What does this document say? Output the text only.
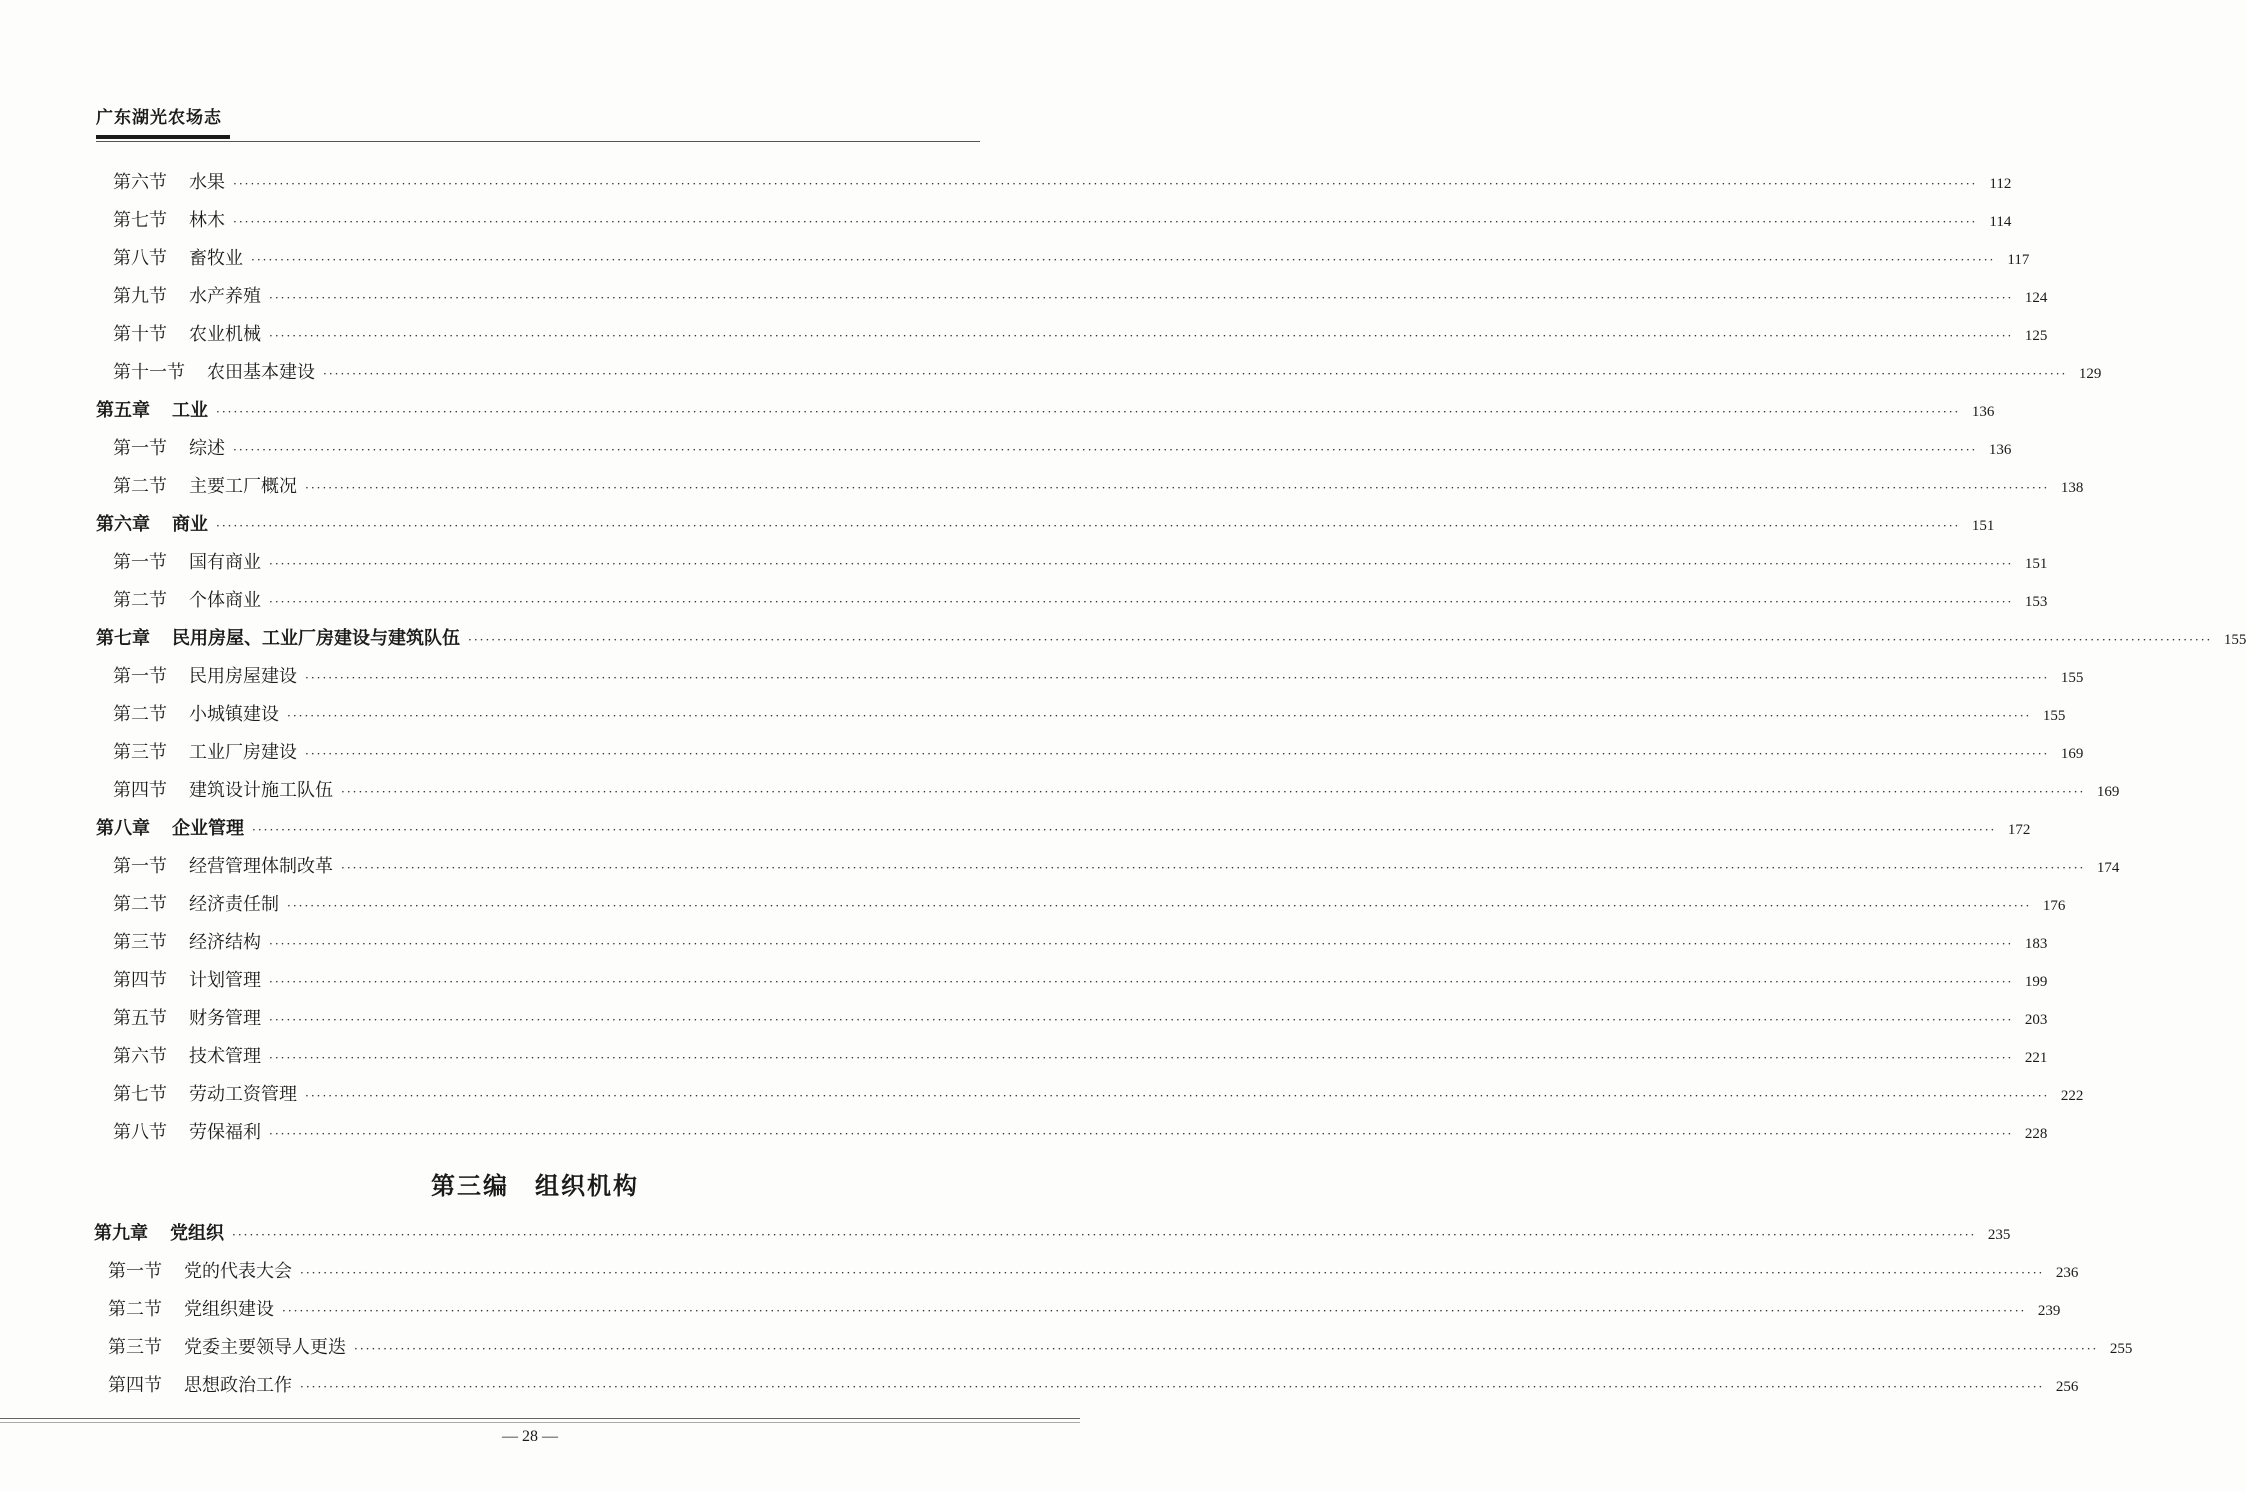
广东湖光农场志
第六节 水果 ············································································································································································································································································································ 112
第七节 林木 ············································································································································································································································································································ 114
第八节 畜牧业 ············································································································································································································································································································ 117
第九节 水产养殖 ············································································································································································································································································································ 124
第十节 农业机械 ············································································································································································································································································································ 125
第十一节 农田基本建设 ············································································································································································································································································································ 129
第五章 工业 ············································································································································································································································································································ 136
第一节 综述 ············································································································································································································································································································ 136
第二节 主要工厂概况 ············································································································································································································································································································ 138
第六章 商业 ············································································································································································································································································································ 151
第一节 国有商业 ············································································································································································································································································································ 151
第二节 个体商业 ············································································································································································································································································································ 153
第七章 民用房屋、工业厂房建设与建筑队伍 ············································································································································································································································································································ 155
第一节 民用房屋建设 ············································································································································································································································································································ 155
第二节 小城镇建设 ············································································································································································································································································································ 155
第三节 工业厂房建设 ············································································································································································································································································································ 169
第四节 建筑设计施工队伍 ············································································································································································································································································································ 169
第八章 企业管理 ············································································································································································································································································································ 172
第一节 经营管理体制改革 ············································································································································································································································································································ 174
第二节 经济责任制 ············································································································································································································································································································ 176
第三节 经济结构 ············································································································································································································································································································ 183
第四节 计划管理 ············································································································································································································································································································ 199
第五节 财务管理 ············································································································································································································································································································ 203
第六节 技术管理 ············································································································································································································································································································ 221
第七节 劳动工资管理 ············································································································································································································································································································ 222
第八节 劳保福利 ············································································································································································································································································································ 228
第九章 党组织 ············································································································································································································································································································ 235
第一节 党的代表大会 ············································································································································································································································································································ 236
第二节 党组织建设 ············································································································································································································································································································ 239
第三节 党委主要领导人更迭 ············································································································································································································································································································ 255
第四节 思想政治工作 ············································································································································································································································································································ 256
第三编　组织机构
— 28 —
